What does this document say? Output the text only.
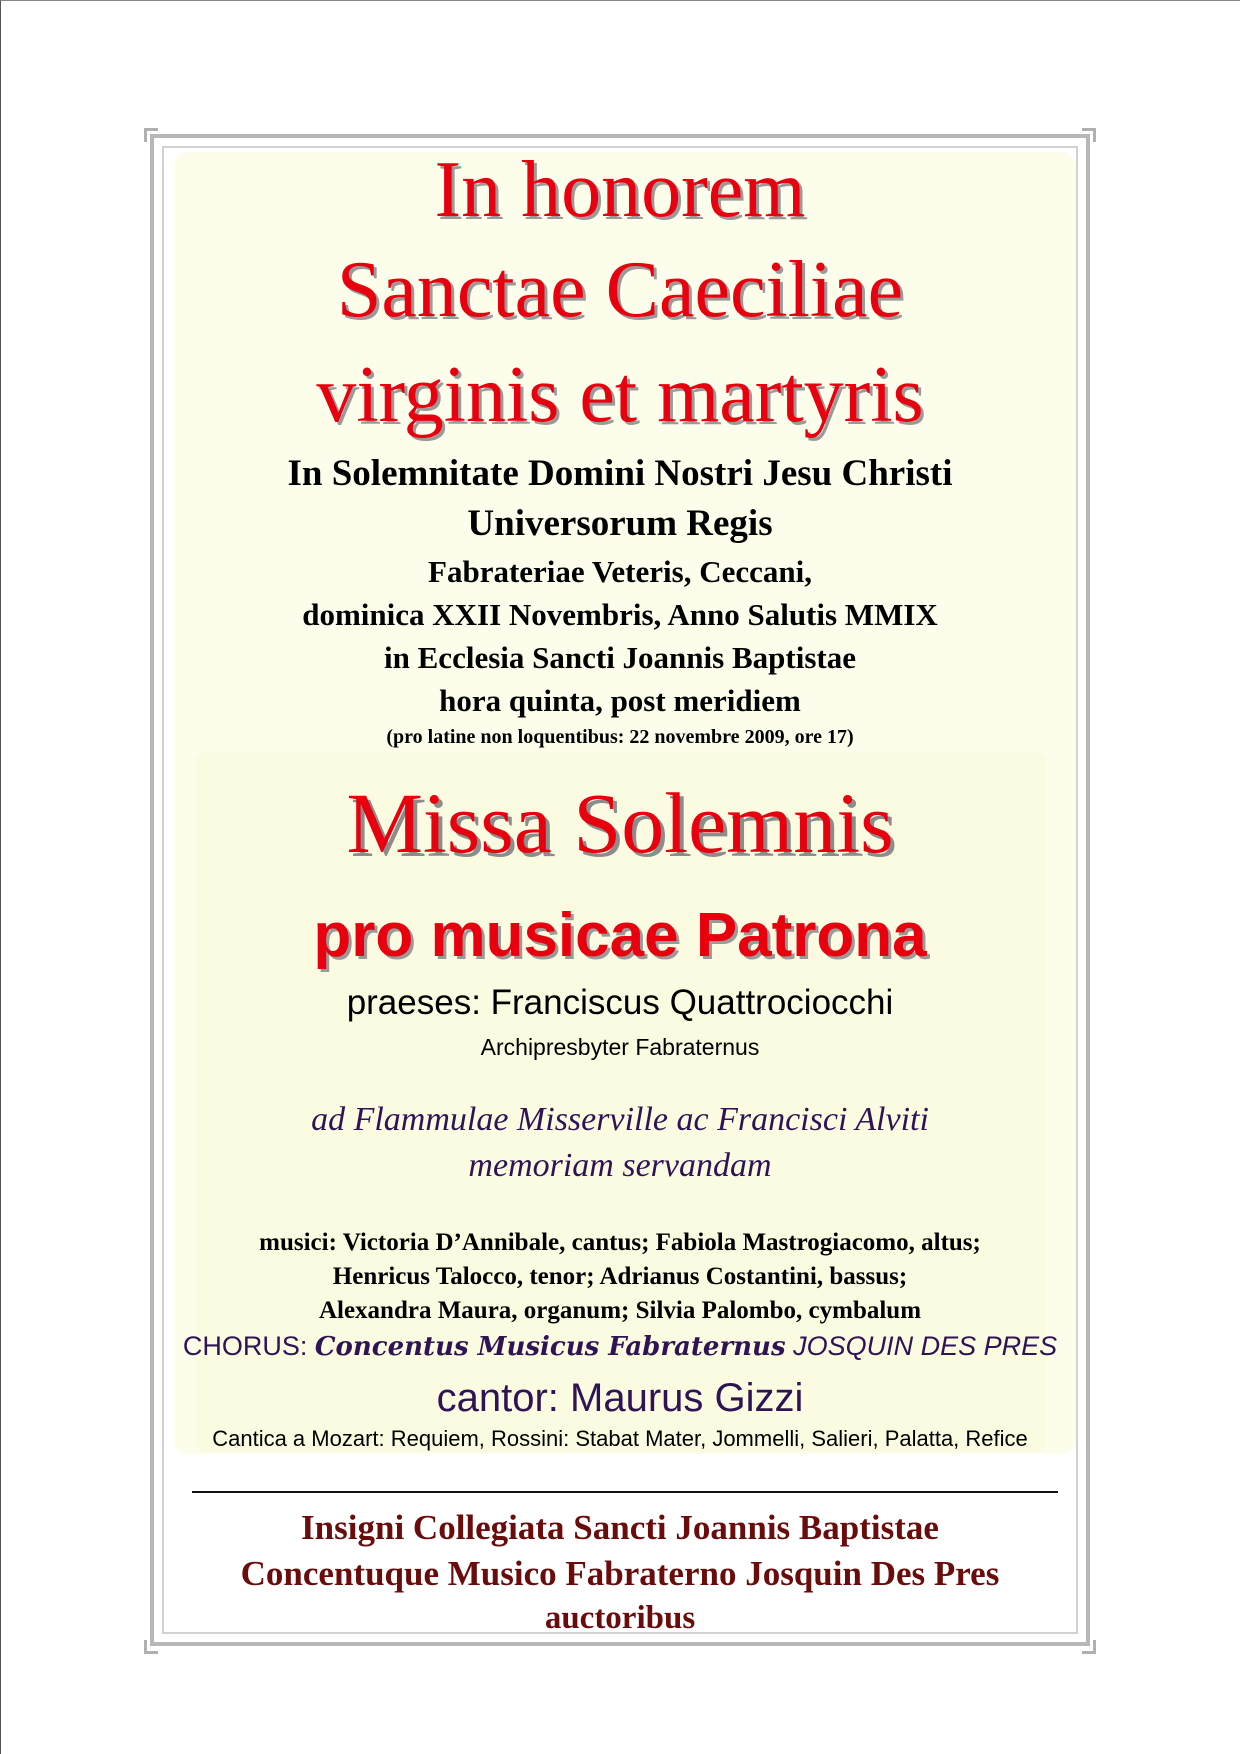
In honorem

Sanctae Caeciliae

virginis et martyris

In Solemnitate Domini Nostri Jesu Christi

Universorum Regis

Fabrateriae Veteris, Ceccani,

dominica XXII Novembris, Anno Salutis MMIX

in Ecclesia Sancti Joannis Baptistae

hora quinta, post meridiem

(pro latine non loquentibus: 22 novembre 2009, ore 17)

Missa Solemnis

pro musicae Patrona

praeses: Franciscus Quattrociocchi

Archipresbyter Fabraternus

ad Flammulae Misserville ac Francisci Alviti

memoriam servandam

musici: Victoria D’Annibale, cantus; Fabiola Mastrogiacomo, altus;

Henricus Talocco, tenor; Adrianus Costantini, bassus;

Alexandra Maura, organum; Silvia Palombo, cymbalum

CHORUS: Concentus Musicus Fabraternus JOSQUIN DES PRES

cantor: Maurus Gizzi

Cantica a Mozart: Requiem, Rossini: Stabat Mater, Jommelli, Salieri, Palatta, Refice

Insigni Collegiata Sancti Joannis Baptistae

Concentuque Musico Fabraterno Josquin Des Pres

auctoribus
